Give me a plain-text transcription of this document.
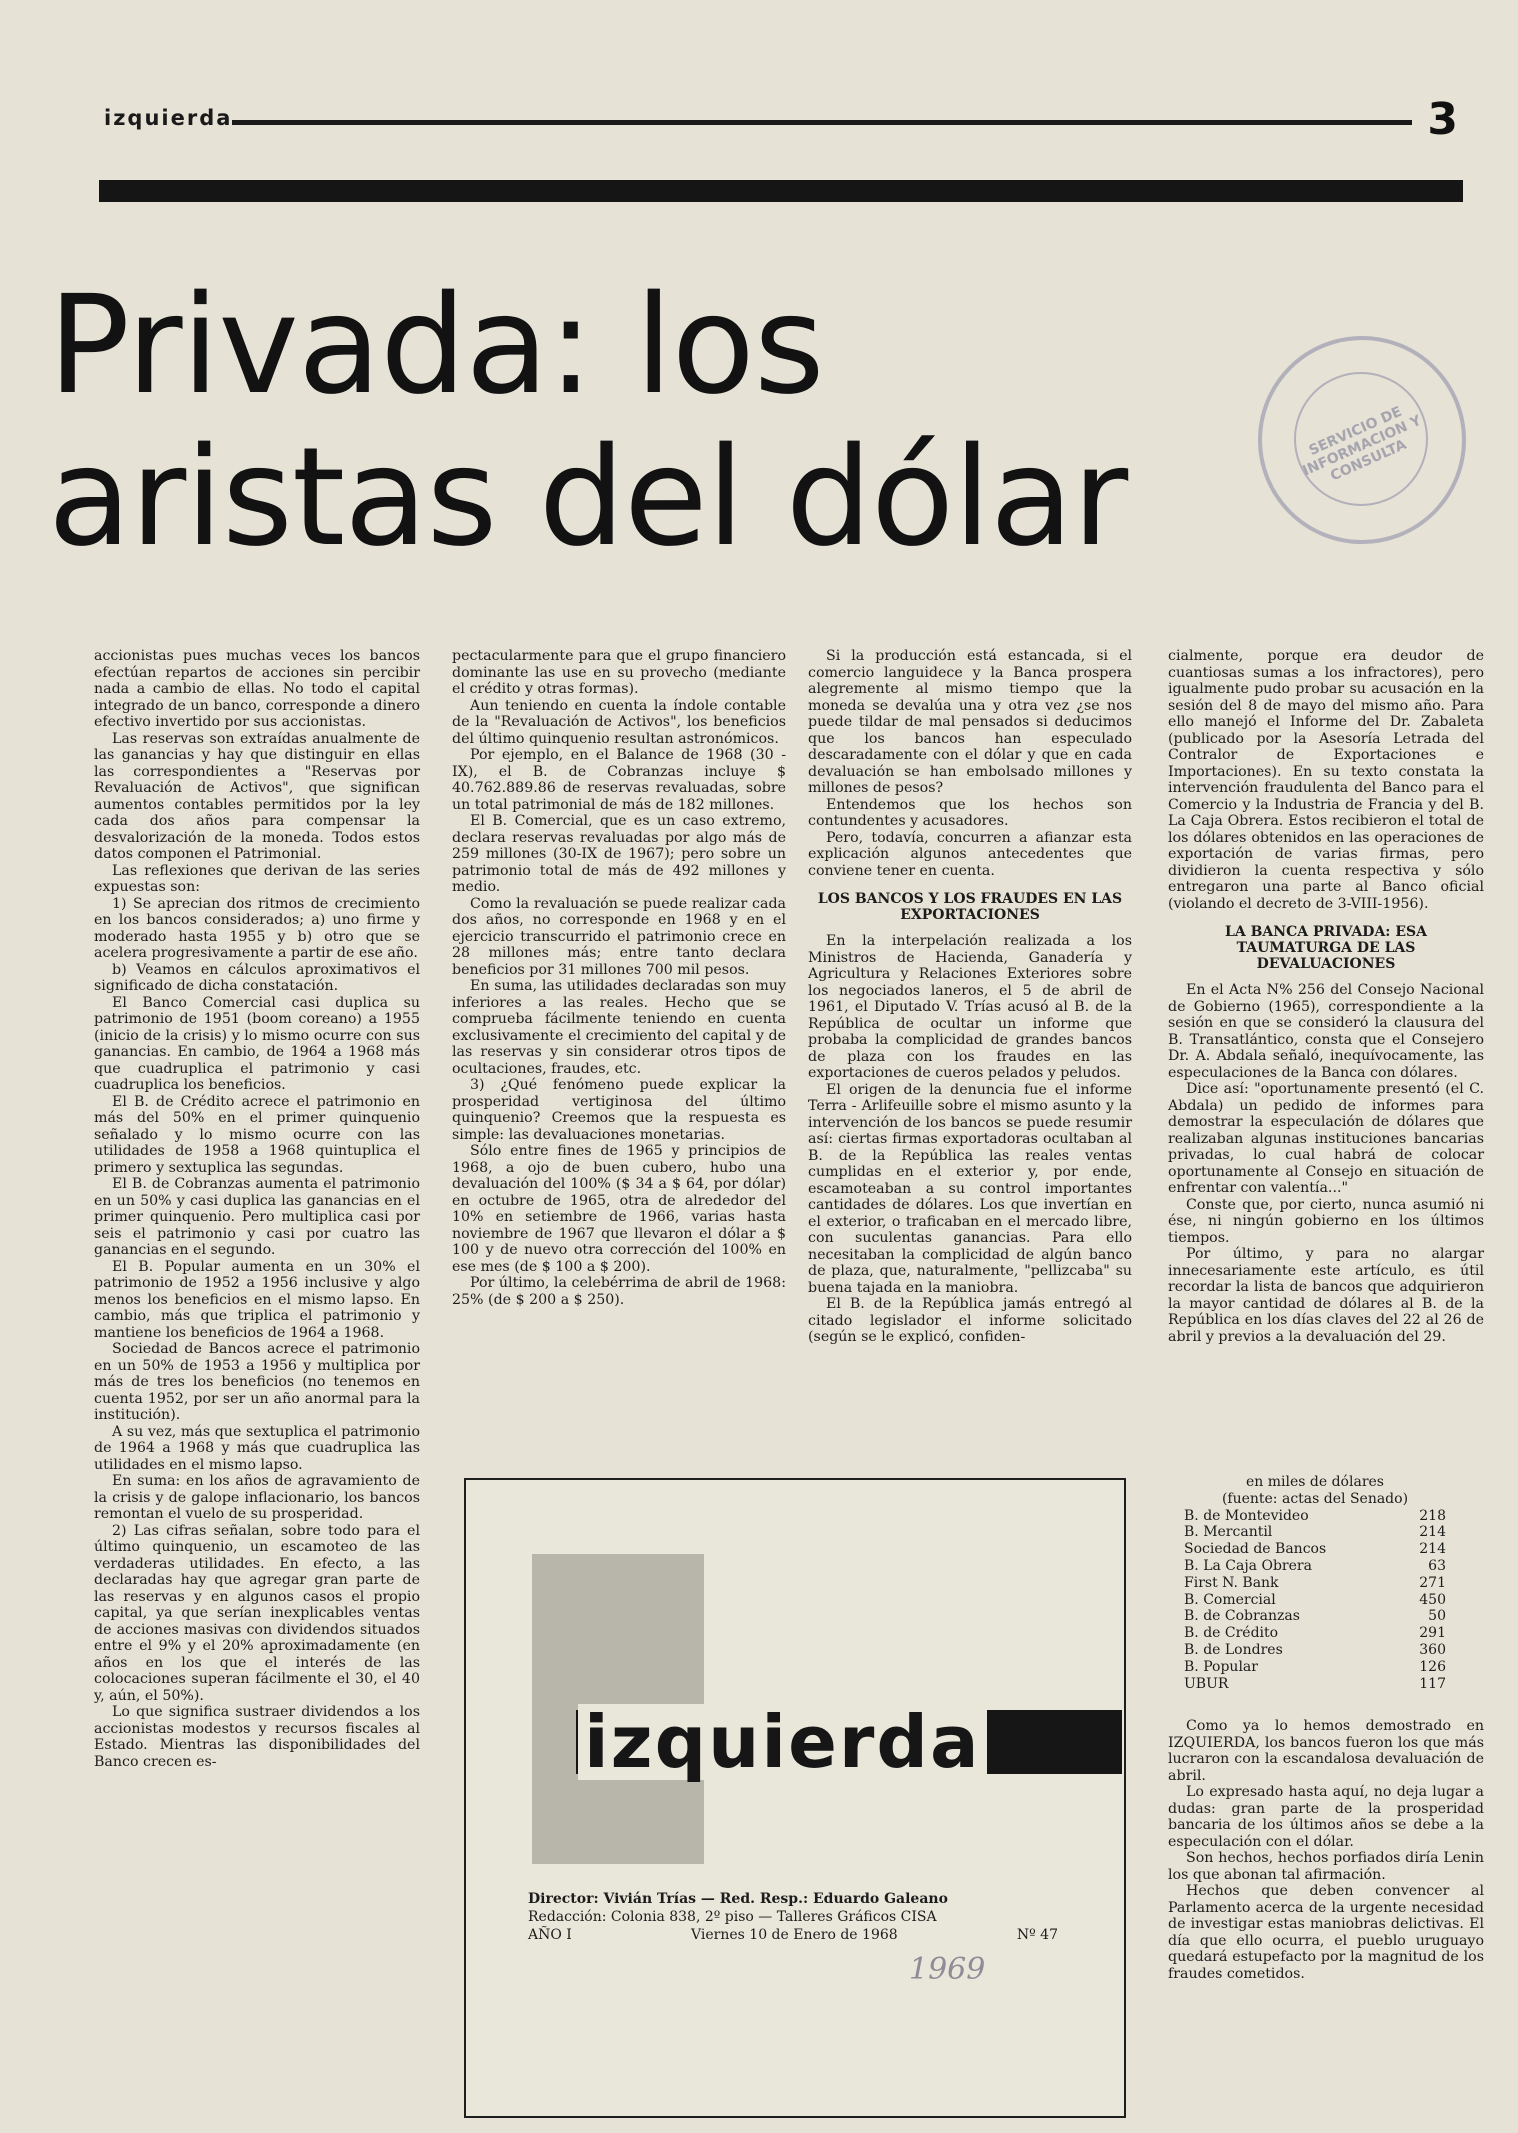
izquierda	3
Privada: los
aristas del dólar	SERVICIO DE INFORMACION Y CONSULTA

accionistas pues muchas veces los bancos efectúan repartos de acciones sin percibir nada a cambio de ellas. No todo el capital integrado de un banco, corresponde a dinero efectivo invertido por sus accionistas.

Las reservas son extraídas anualmente de las ganancias y hay que distinguir en ellas las correspondientes a "Reservas por Revaluación de Activos", que significan aumentos contables permitidos por la ley cada dos años para compensar la desvalorización de la moneda. Todos estos datos componen el Patrimonial.

Las reflexiones que derivan de las series expuestas son:

1) Se aprecian dos ritmos de crecimiento en los bancos considerados; a) uno firme y moderado hasta 1955 y b) otro que se acelera progresivamente a partir de ese año.

b) Veamos en cálculos aproximativos el significado de dicha constatación.

El Banco Comercial casi duplica su patrimonio de 1951 (boom coreano) a 1955 (inicio de la crisis) y lo mismo ocurre con sus ganancias. En cambio, de 1964 a 1968 más que cuadruplica el patrimonio y casi cuadruplica los beneficios.

El B. de Crédito acrece el patrimonio en más del 50% en el primer quinquenio señalado y lo mismo ocurre con las utilidades de 1958 a 1968 quintuplica el primero y sextuplica las segundas.

El B. de Cobranzas aumenta el patrimonio en un 50% y casi duplica las ganancias en el primer quinquenio. Pero multiplica casi por seis el patrimonio y casi por cuatro las ganancias en el segundo.

El B. Popular aumenta en un 30% el patrimonio de 1952 a 1956 inclusive y algo menos los beneficios en el mismo lapso. En cambio, más que triplica el patrimonio y mantiene los beneficios de 1964 a 1968.

Sociedad de Bancos acrece el patrimonio en un 50% de 1953 a 1956 y multiplica por más de tres los beneficios (no tenemos en cuenta 1952, por ser un año anormal para la institución).

A su vez, más que sextuplica el patrimonio de 1964 a 1968 y más que cuadruplica las utilidades en el mismo lapso.

En suma: en los años de agravamiento de la crisis y de galope inflacionario, los bancos remontan el vuelo de su prosperidad.

2) Las cifras señalan, sobre todo para el último quinquenio, un escamoteo de las verdaderas utilidades. En efecto, a las declaradas hay que agregar gran parte de las reservas y en algunos casos el propio capital, ya que serían inexplicables ventas de acciones masivas con dividendos situados entre el 9% y el 20% aproximadamente (en años en los que el interés de las colocaciones superan fácilmente el 30, el 40 y, aún, el 50%).

Lo que significa sustraer dividendos a los accionistas modestos y recursos fiscales al Estado. Mientras las disponibilidades del Banco crecen es-

pectacularmente para que el grupo financiero dominante las use en su provecho (mediante el crédito y otras formas).

Aun teniendo en cuenta la índole contable de la "Revaluación de Activos", los beneficios del último quinquenio resultan astronómicos.

Por ejemplo, en el Balance de 1968 (30 - IX), el B. de Cobranzas incluye $ 40.762.889.86 de reservas revaluadas, sobre un total patrimonial de más de 182 millones.

El B. Comercial, que es un caso extremo, declara reservas revaluadas por algo más de 259 millones (30-IX de 1967); pero sobre un patrimonio total de más de 492 millones y medio.

Como la revaluación se puede realizar cada dos años, no corresponde en 1968 y en el ejercicio transcurrido el patrimonio crece en 28 millones más; entre tanto declara beneficios por 31 millones 700 mil pesos.

En suma, las utilidades declaradas son muy inferiores a las reales. Hecho que se comprueba fácilmente teniendo en cuenta exclusivamente el crecimiento del capital y de las reservas y sin considerar otros tipos de ocultaciones, fraudes, etc.

3) ¿Qué fenómeno puede explicar la prosperidad vertiginosa del último quinquenio? Creemos que la respuesta es simple: las devaluaciones monetarias.

Sólo entre fines de 1965 y principios de 1968, a ojo de buen cubero, hubo una devaluación del 100% ($ 34 a $ 64, por dólar) en octubre de 1965, otra de alrededor del 10% en setiembre de 1966, varias hasta noviembre de 1967 que llevaron el dólar a $ 100 y de nuevo otra corrección del 100% en ese mes (de $ 100 a $ 200).

Por último, la celebérrima de abril de 1968: 25% (de $ 200 a $ 250).

Si la producción está estancada, si el comercio languidece y la Banca prospera alegremente al mismo tiempo que la moneda se devalúa una y otra vez ¿se nos puede tildar de mal pensados si deducimos que los bancos han especulado descaradamente con el dólar y que en cada devaluación se han embolsado millones y millones de pesos?

Entendemos que los hechos son contundentes y acusadores.

Pero, todavía, concurren a afianzar esta explicación algunos antecedentes que conviene tener en cuenta.

LOS BANCOS Y LOS FRAUDES EN LAS EXPORTACIONES

En la interpelación realizada a los Ministros de Hacienda, Ganadería y Agricultura y Relaciones Exteriores sobre los negociados laneros, el 5 de abril de 1961, el Diputado V. Trías acusó al B. de la República de ocultar un informe que probaba la complicidad de grandes bancos de plaza con los fraudes en las exportaciones de cueros pelados y peludos.

El origen de la denuncia fue el informe Terra - Arlifeuille sobre el mismo asunto y la intervención de los bancos se puede resumir así: ciertas firmas exportadoras ocultaban al B. de la República las reales ventas cumplidas en el exterior y, por ende, escamoteaban a su control importantes cantidades de dólares. Los que invertían en el exterior, o traficaban en el mercado libre, con suculentas ganancias. Para ello necesitaban la complicidad de algún banco de plaza, que, naturalmente, "pellizcaba" su buena tajada en la maniobra.

El B. de la República jamás entregó al citado legislador el informe solicitado (según se le explicó, confiden-

cialmente, porque era deudor de cuantiosas sumas a los infractores), pero igualmente pudo probar su acusación en la sesión del 8 de mayo del mismo año. Para ello manejó el Informe del Dr. Zabaleta (publicado por la Asesoría Letrada del Contralor de Exportaciones e Importaciones). En su texto constata la intervención fraudulenta del Banco para el Comercio y la Industria de Francia y del B. La Caja Obrera. Estos recibieron el total de los dólares obtenidos en las operaciones de exportación de varias firmas, pero dividieron la cuenta respectiva y sólo entregaron una parte al Banco oficial (violando el decreto de 3-VIII-1956).

LA BANCA PRIVADA: ESA TAUMATURGA DE LAS DEVALUACIONES

En el Acta N% 256 del Consejo Nacional de Gobierno (1965), correspondiente a la sesión en que se consideró la clausura del B. Transatlántico, consta que el Consejero Dr. A. Abdala señaló, inequívocamente, las especulaciones de la Banca con dólares.

Dice así: "oportunamente presentó (el C. Abdala) un pedido de informes para demostrar la especulación de dólares que realizaban algunas instituciones bancarias privadas, lo cual habrá de colocar oportunamente al Consejo en situación de enfrentar con valentía..."

Conste que, por cierto, nunca asumió ni ése, ni ningún gobierno en los últimos tiempos.

Por último, y para no alargar innecesariamente este artículo, es útil recordar la lista de bancos que adquirieron la mayor cantidad de dólares al B. de la República en los días claves del 22 al 26 de abril y previos a la devaluación del 29.

en miles de dólares
(fuente: actas del Senado)
B. de Montevideo	218
B. Mercantil	214
Sociedad de Bancos	214
B. La Caja Obrera	63
First N. Bank	271
B. Comercial	450
B. de Cobranzas	50
B. de Crédito	291
B. de Londres	360
B. Popular	126
UBUR	117

Como ya lo hemos demostrado en IZQUIERDA, los bancos fueron los que más lucraron con la escandalosa devaluación de abril.

Lo expresado hasta aquí, no deja lugar a dudas: gran parte de la prosperidad bancaria de los últimos años se debe a la especulación con el dólar.

Son hechos, hechos porfiados diría Lenin los que abonan tal afirmación.

Hechos que deben convencer al Parlamento acerca de la urgente necesidad de investigar estas maniobras delictivas. El día que ello ocurra, el pueblo uruguayo quedará estupefacto por la magnitud de los fraudes cometidos.

izquierda
Director: Vivián Trías — Red. Resp.: Eduardo Galeano
Redacción: Colonia 838, 2º piso — Talleres Gráficos CISA
AÑO I	Viernes 10 de Enero de 1968	Nº 47
1969
